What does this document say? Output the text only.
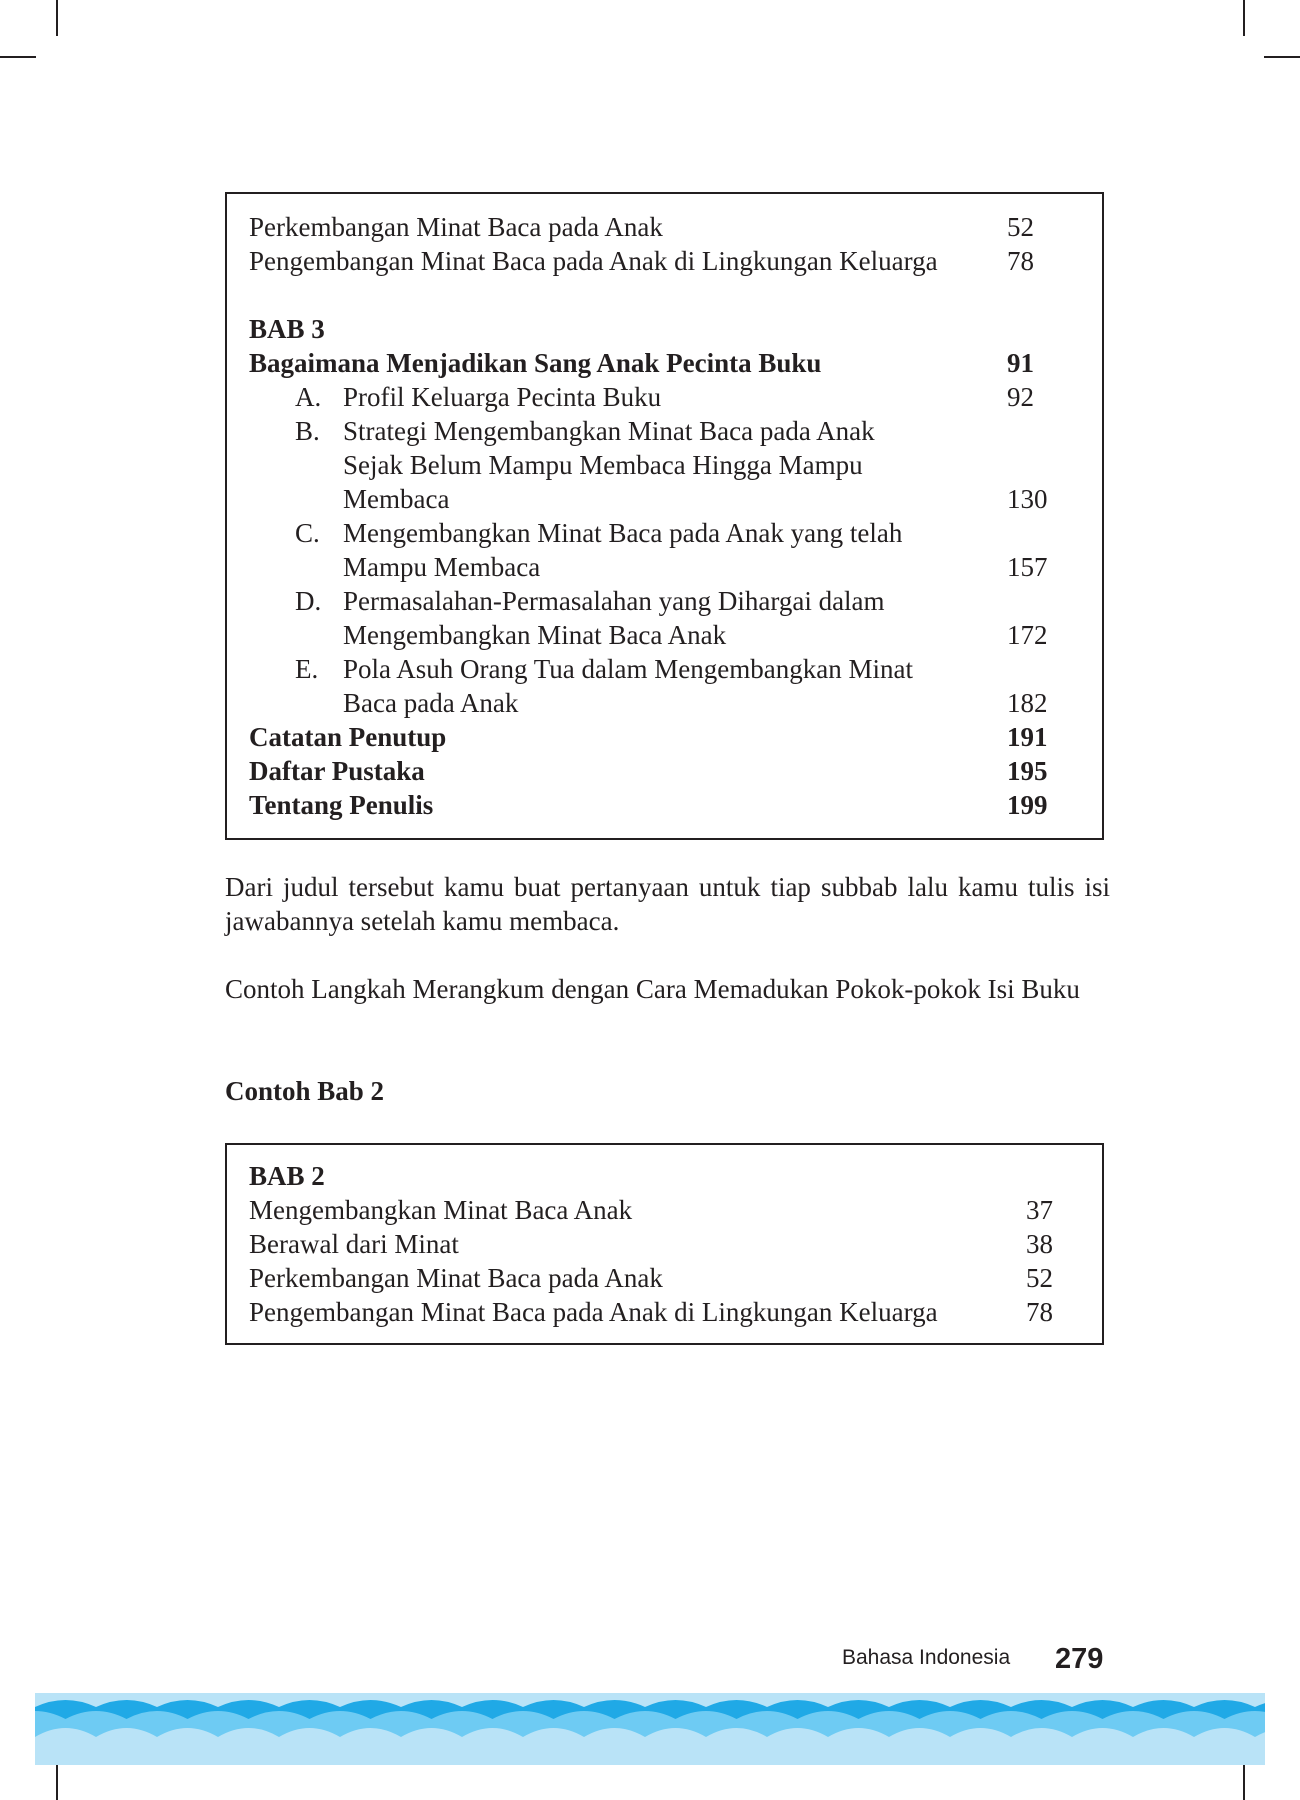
Perkembangan Minat Baca pada Anak	52
Pengembangan Minat Baca pada Anak di Lingkungan Keluarga	78
BAB 3
Bagaimana Menjadikan Sang Anak Pecinta Buku	91
A. Profil Keluarga Pecinta Buku	92
B. Strategi Mengembangkan Minat Baca pada Anak
Sejak Belum Mampu Membaca Hingga Mampu
Membaca	130
C. Mengembangkan Minat Baca pada Anak yang telah
Mampu Membaca	157
D. Permasalahan-Permasalahan yang Dihargai dalam
Mengembangkan Minat Baca Anak	172
E. Pola Asuh Orang Tua dalam Mengembangkan Minat
Baca pada Anak	182
Catatan Penutup	191
Daftar Pustaka	195
Tentang Penulis	199
Dari judul tersebut kamu buat pertanyaan untuk tiap subbab lalu kamu tulis isi jawabannya setelah kamu membaca.
Contoh Langkah Merangkum dengan Cara Memadukan Pokok-pokok Isi Buku
Contoh Bab 2
BAB 2
Mengembangkan Minat Baca Anak	37
Berawal dari Minat	38
Perkembangan Minat Baca pada Anak	52
Pengembangan Minat Baca pada Anak di Lingkungan Keluarga	78
Bahasa Indonesia 279
